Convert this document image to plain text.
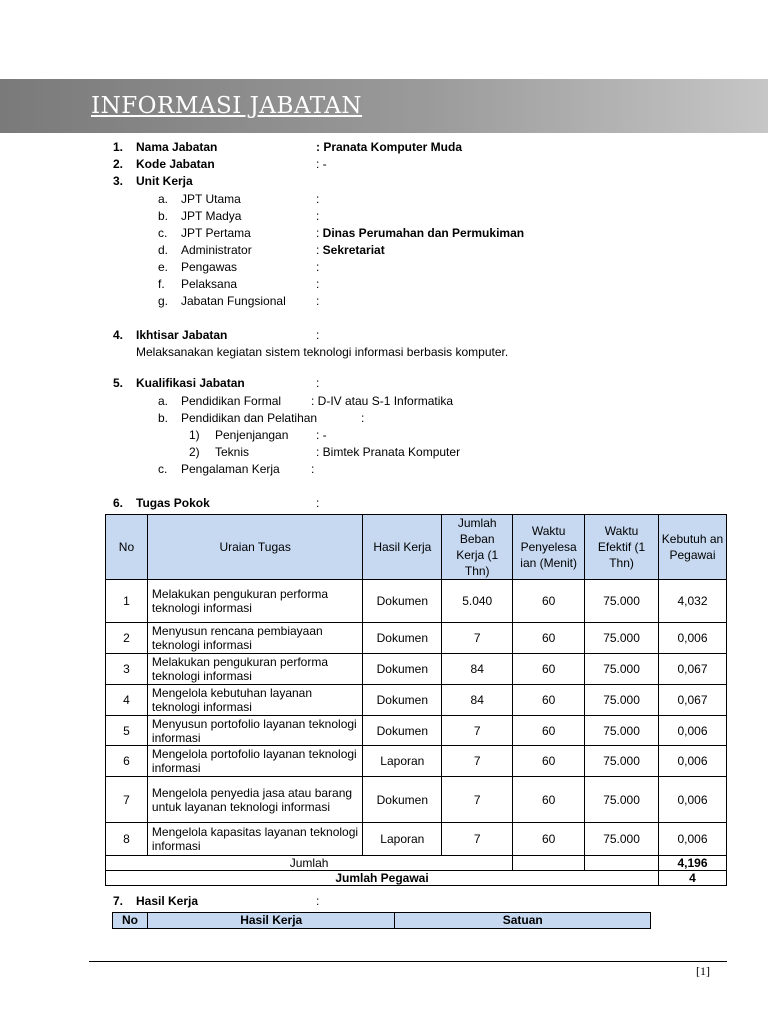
INFORMASI JABATAN
1. Nama Jabatan	: Pranata Komputer Muda
2. Kode Jabatan	: -
3. Unit Kerja
a. JPT Utama	:
b. JPT Madya	:
c. JPT Pertama	: Dinas Perumahan dan Permukiman
d. Administrator	: Sekretariat
e. Pengawas	:
f. Pelaksana	:
g. Jabatan Fungsional	:
4. Ikhtisar Jabatan	:
Melaksanakan kegiatan sistem teknologi informasi berbasis komputer.
5. Kualifikasi Jabatan	:
a. Pendidikan Formal : D-IV atau S-1 Informatika
b. Pendidikan dan Pelatihan	:
1) Penjenjangan : -
2) Teknis	: Bimtek Pranata Komputer
c. Pengalaman Kerja	:
6. Tugas Pokok	:
No	Uraian Tugas	Hasil Kerja	Jumlah Beban Kerja (1 Thn)	Waktu Penyelesa ian (Menit)	Waktu Efektif (1 Thn)	Kebutuh an Pegawai
1	Melakukan pengukuran performa teknologi informasi	Dokumen	5.040	60	75.000	4,032
2	Menyusun rencana pembiayaan teknologi informasi	Dokumen	7	60	75.000	0,006
3	Melakukan pengukuran performa teknologi informasi	Dokumen	84	60	75.000	0,067
4	Mengelola kebutuhan layanan teknologi informasi	Dokumen	84	60	75.000	0,067
5	Menyusun portofolio layanan teknologi informasi	Dokumen	7	60	75.000	0,006
6	Mengelola portofolio layanan teknologi informasi	Laporan	7	60	75.000	0,006
7	Mengelola penyedia jasa atau barang untuk layanan teknologi informasi	Dokumen	7	60	75.000	0,006
8	Mengelola kapasitas layanan teknologi informasi	Laporan	7	60	75.000	0,006
Jumlah						4,196
Jumlah Pegawai						4
7. Hasil Kerja	:
No	Hasil Kerja	Satuan
[1]
